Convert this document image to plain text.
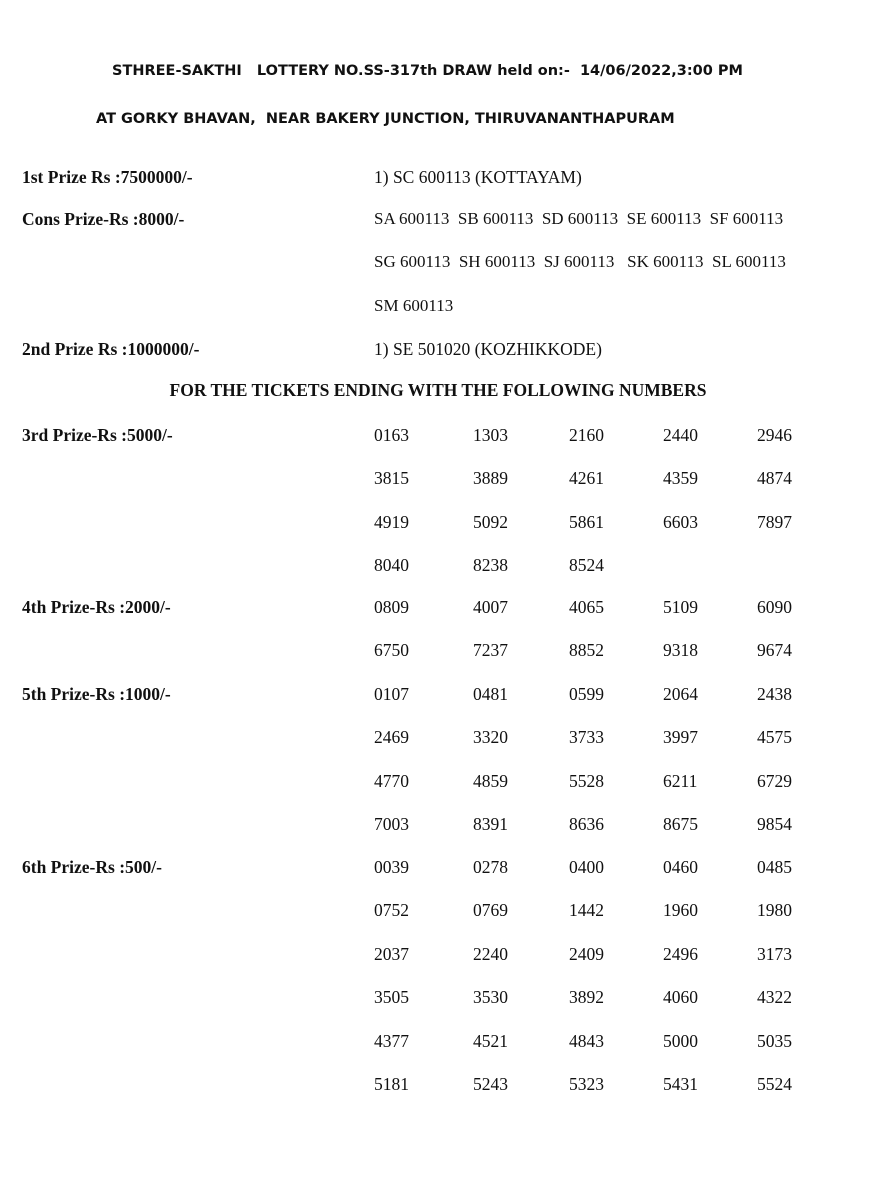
STHREE-SAKTHI   LOTTERY NO.SS-317th DRAW held on:-  14/06/2022,3:00 PM
AT GORKY BHAVAN,  NEAR BAKERY JUNCTION, THIRUVANANTHAPURAM
1st Prize Rs :7500000/-	1) SC 600113 (KOTTAYAM)
Cons Prize-Rs :8000/-	SA 600113  SB 600113  SD 600113  SE 600113  SF 600113
SG 600113  SH 600113  SJ 600113   SK 600113  SL 600113
SM 600113
2nd Prize Rs :1000000/-	1) SE 501020 (KOZHIKKODE)
FOR THE TICKETS ENDING WITH THE FOLLOWING NUMBERS
3rd Prize-Rs :5000/-	0163	1303	2160	2440	2946
3815	3889	4261	4359	4874
4919	5092	5861	6603	7897
8040	8238	8524
4th Prize-Rs :2000/-	0809	4007	4065	5109	6090
6750	7237	8852	9318	9674
5th Prize-Rs :1000/-	0107	0481	0599	2064	2438
2469	3320	3733	3997	4575
4770	4859	5528	6211	6729
7003	8391	8636	8675	9854
6th Prize-Rs :500/-	0039	0278	0400	0460	0485
0752	0769	1442	1960	1980
2037	2240	2409	2496	3173
3505	3530	3892	4060	4322
4377	4521	4843	5000	5035
5181	5243	5323	5431	5524
